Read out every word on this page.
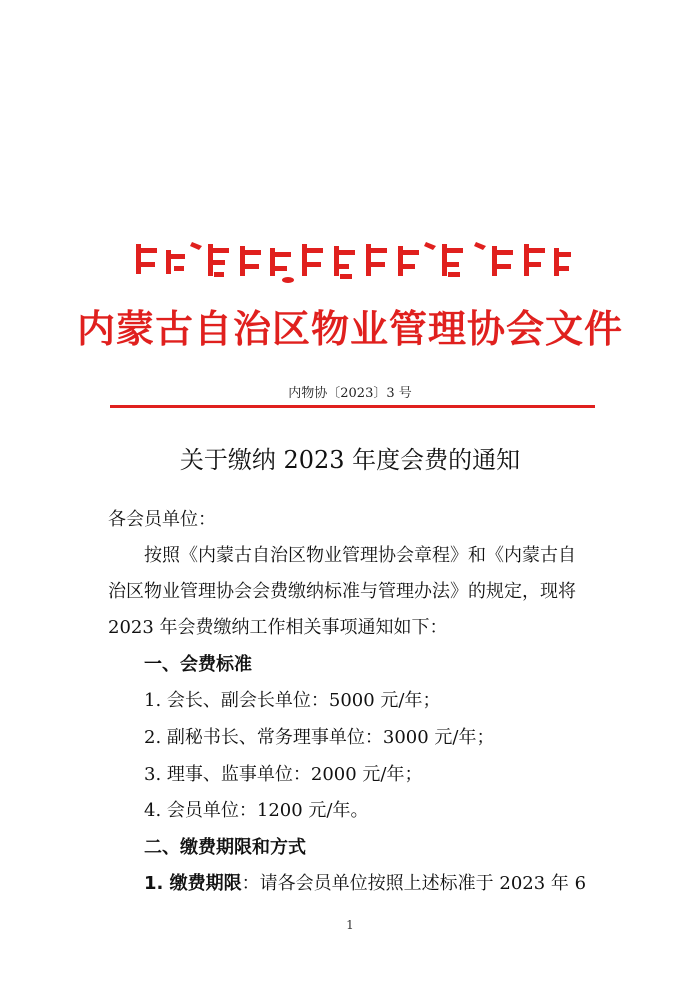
内蒙古自治区物业管理协会文件
内物协〔2023〕3 号
关于缴纳 2023 年度会费的通知
各会员单位：
按照《内蒙古自治区物业管理协会章程》和《内蒙古自
治区物业管理协会会费缴纳标准与管理办法》的规定，现将
2023 年会费缴纳工作相关事项通知如下：
一、会费标准
1. 会长、副会长单位：5000 元/年；
2. 副秘书长、常务理事单位：3000 元/年；
3. 理事、监事单位：2000 元/年；
4. 会员单位：1200 元/年。
二、缴费期限和方式
1. 缴费期限：请各会员单位按照上述标准于 2023 年 6
1
